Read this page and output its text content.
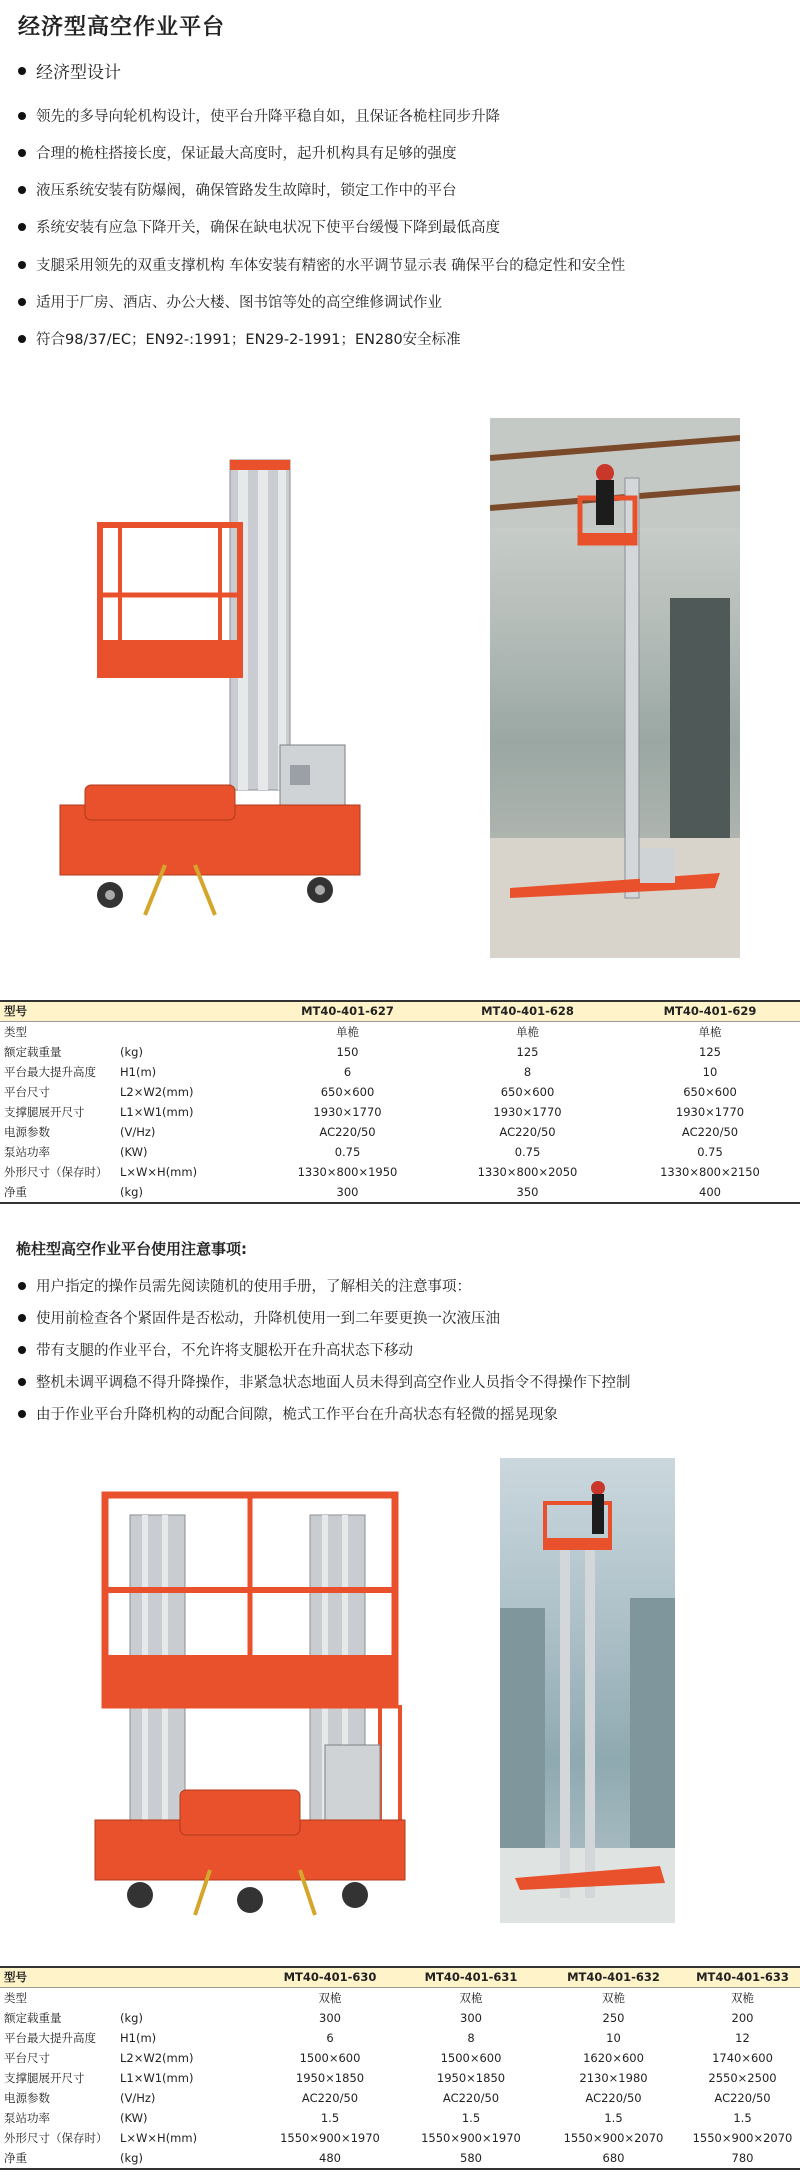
经济型高空作业平台
经济型设计
领先的多导向轮机构设计，使平台升降平稳自如，且保证各桅柱同步升降
合理的桅柱搭接长度，保证最大高度时，起升机构具有足够的强度
液压系统安装有防爆阀，确保管路发生故障时，锁定工作中的平台
系统安装有应急下降开关，确保在缺电状况下使平台缓慢下降到最低高度
支腿采用领先的双重支撑机构 车体安装有精密的水平调节显示表 确保平台的稳定性和安全性
适用于厂房、酒店、办公大楼、图书馆等处的高空维修调试作业
符合98/37/EC；EN92-:1991；EN29-2-1991；EN280安全标准
型号		MT40-401-627	MT40-401-628	MT40-401-629
类型		单桅	单桅	单桅
额定载重量	(kg)	150	125	125
平台最大提升高度	H1(m)	6	8	10
平台尺寸	L2×W2(mm)	650×600	650×600	650×600
支撑腿展开尺寸	L1×W1(mm)	1930×1770	1930×1770	1930×1770
电源参数	(V/Hz)	AC220/50	AC220/50	AC220/50
泵站功率	(KW)	0.75	0.75	0.75
外形尺寸（保存时）	L×W×H(mm)	1330×800×1950	1330×800×2050	1330×800×2150
净重	(kg)	300	350	400
桅柱型高空作业平台使用注意事项:
用户指定的操作员需先阅读随机的使用手册，了解相关的注意事项：
使用前检查各个紧固件是否松动，升降机使用一到二年要更换一次液压油
带有支腿的作业平台，不允许将支腿松开在升高状态下移动
整机未调平调稳不得升降操作，非紧急状态地面人员未得到高空作业人员指令不得操作下控制
由于作业平台升降机构的动配合间隙，桅式工作平台在升高状态有轻微的摇晃现象
型号		MT40-401-630	MT40-401-631	MT40-401-632	MT40-401-633
类型		双桅	双桅	双桅	双桅
额定载重量	(kg)	300	300	250	200
平台最大提升高度	H1(m)	6	8	10	12
平台尺寸	L2×W2(mm)	1500×600	1500×600	1620×600	1740×600
支撑腿展开尺寸	L1×W1(mm)	1950×1850	1950×1850	2130×1980	2550×2500
电源参数	(V/Hz)	AC220/50	AC220/50	AC220/50	AC220/50
泵站功率	(KW)	1.5	1.5	1.5	1.5
外形尺寸（保存时）	L×W×H(mm)	1550×900×1970	1550×900×1970	1550×900×2070	1550×900×2070
净重	(kg)	480	580	680	780
